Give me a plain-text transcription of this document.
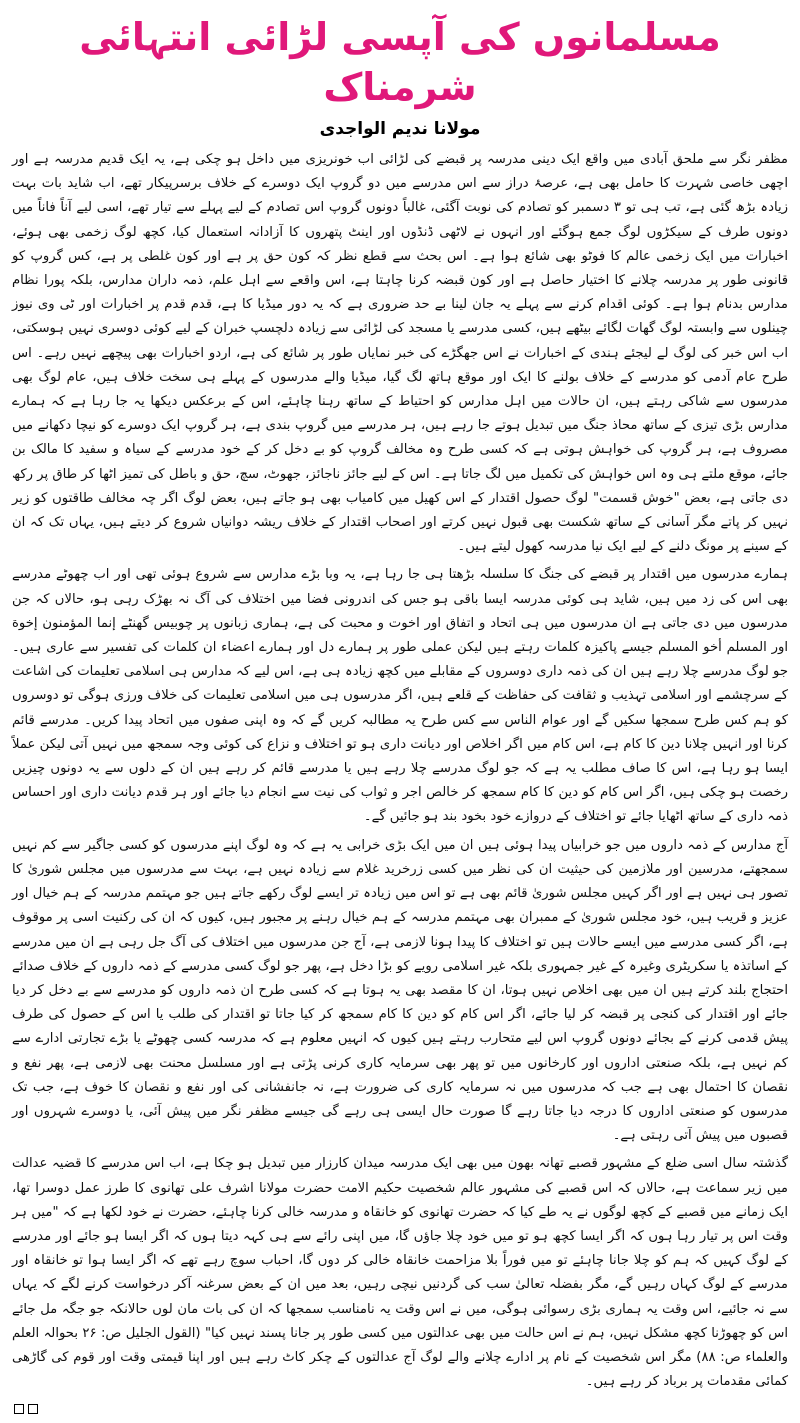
مسلمانوں کی آپسی لڑائی انتہائی شرمناک
مولانا ندیم الواجدی

مظفر نگر سے ملحق آبادی میں واقع ایک دینی مدرسہ پر قبضے کی لڑائی اب خونریزی میں داخل ہو چکی ہے، یہ ایک قدیم مدرسہ ہے اور اچھی خاصی شہرت کا حامل بھی ہے، عرصۂ دراز سے اس مدرسے میں دو گروپ ایک دوسرے کے خلاف برسرپیکار تھے، اب شاید بات بہت زیادہ بڑھ گئی ہے، تب ہی تو ۳ دسمبر کو تصادم کی نوبت آگئی، غالباً دونوں گروپ اس تصادم کے لیے پہلے سے تیار تھے، اسی لیے آناً فاناً میں دونوں طرف کے سیکڑوں لوگ جمع ہوگئے اور انہوں نے لاٹھی ڈنڈوں اور اینٹ پتھروں کا آزادانہ استعمال کیا، کچھ لوگ زخمی بھی ہوئے، اخبارات میں ایک زخمی عالم کا فوٹو بھی شائع ہوا ہے۔ اس بحث سے قطع نظر کہ کون حق پر ہے اور کون غلطی پر ہے، کس گروپ کو قانونی طور پر مدرسہ چلانے کا اختیار حاصل ہے اور کون قبضہ کرنا چاہتا ہے، اس واقعے سے اہل علم، ذمہ داران مدارس، بلکہ پورا نظام مدارس بدنام ہوا ہے۔ کوئی اقدام کرنے سے پہلے یہ جان لینا بے حد ضروری ہے کہ یہ دور میڈیا کا ہے، قدم قدم پر اخبارات اور ٹی وی نیوز چینلوں سے وابستہ لوگ گھات لگائے بیٹھے ہیں، کسی مدرسے یا مسجد کی لڑائی سے زیادہ دلچسپ خبران کے لیے کوئی دوسری نہیں ہوسکتی، اب اس خبر کی لوگ لے لیجئے ہندی کے اخبارات نے اس جھگڑے کی خبر نمایاں طور پر شائع کی ہے، اردو اخبارات بھی پیچھے نہیں رہے۔ اس طرح عام آدمی کو مدرسے کے خلاف بولنے کا ایک اور موقع ہاتھ لگ گیا، میڈیا والے مدرسوں کے پہلے ہی سخت خلاف ہیں، عام لوگ بھی مدرسوں سے شاکی رہتے ہیں، ان حالات میں اہل مدارس کو احتیاط کے ساتھ رہنا چاہئے، اس کے برعکس دیکھا یہ جا رہا ہے کہ ہمارے مدارس بڑی تیزی کے ساتھ محاذ جنگ میں تبدیل ہوتے جا رہے ہیں، ہر مدرسے میں گروپ بندی ہے، ہر گروپ ایک دوسرے کو نیچا دکھانے میں مصروف ہے، ہر گروپ کی خواہش ہوتی ہے کہ کسی طرح وہ مخالف گروپ کو بے دخل کر کے خود مدرسے کے سیاہ و سفید کا مالک بن جائے، موقع ملتے ہی وہ اس خواہش کی تکمیل میں لگ جاتا ہے۔ اس کے لیے جائز ناجائز، جھوٹ، سچ، حق و باطل کی تمیز اٹھا کر طاق پر رکھ دی جاتی ہے، بعض "خوش قسمت" لوگ حصول اقتدار کے اس کھیل میں کامیاب بھی ہو جاتے ہیں، بعض لوگ اگر چہ مخالف طاقتوں کو زیر نہیں کر پاتے مگر آسانی کے ساتھ شکست بھی قبول نہیں کرتے اور اصحاب اقتدار کے خلاف ریشہ دوانیاں شروع کر دیتے ہیں، یہاں تک کہ ان کے سینے پر مونگ دلنے کے لیے ایک نیا مدرسہ کھول لیتے ہیں۔

ہمارے مدرسوں میں اقتدار پر قبضے کی جنگ کا سلسلہ بڑھتا ہی جا رہا ہے، یہ وبا بڑے مدارس سے شروع ہوئی تھی اور اب چھوٹے مدرسے بھی اس کی زد میں ہیں، شاید ہی کوئی مدرسہ ایسا باقی ہو جس کی اندرونی فضا میں اختلاف کی آگ نہ بھڑک رہی ہو، حالاں کہ جن مدرسوں میں دی جاتی ہے ان مدرسوں میں ہی اتحاد و اتفاق اور اخوت و محبت کی ہے، ہماری زبانوں پر چوبیس گھنٹے إنما المؤمنون إخوة اور المسلم أخو المسلم جیسے پاکیزہ کلمات رہتے ہیں لیکن عملی طور پر ہمارے دل اور ہمارے اعضاء ان کلمات کی تفسیر سے عاری ہیں۔ جو لوگ مدرسے چلا رہے ہیں ان کی ذمہ داری دوسروں کے مقابلے میں کچھ زیادہ ہی ہے، اس لیے کہ مدارس ہی اسلامی تعلیمات کی اشاعت کے سرچشمے اور اسلامی تہذیب و ثقافت کی حفاظت کے قلعے ہیں، اگر مدرسوں ہی میں اسلامی تعلیمات کی خلاف ورزی ہوگی تو دوسروں کو ہم کس طرح سمجھا سکیں گے اور عوام الناس سے کس طرح یہ مطالبہ کریں گے کہ وہ اپنی صفوں میں اتحاد پیدا کریں۔ مدرسے قائم کرنا اور انہیں چلانا دین کا کام ہے، اس کام میں اگر اخلاص اور دیانت داری ہو تو اختلاف و نزاع کی کوئی وجہ سمجھ میں نہیں آتی لیکن عملاً ایسا ہو رہا ہے، اس کا صاف مطلب یہ ہے کہ جو لوگ مدرسے چلا رہے ہیں یا مدرسے قائم کر رہے ہیں ان کے دلوں سے یہ دونوں چیزیں رخصت ہو چکی ہیں، اگر اس کام کو دین کا کام سمجھ کر خالص اجر و ثواب کی نیت سے انجام دیا جائے اور ہر قدم دیانت داری اور احساس ذمہ داری کے ساتھ اٹھایا جائے تو اختلاف کے دروازے خود بخود بند ہو جائیں گے۔

آج مدارس کے ذمہ داروں میں جو خرابیاں پیدا ہوئی ہیں ان میں ایک بڑی خرابی یہ ہے کہ وہ لوگ اپنے مدرسوں کو کسی جاگیر سے کم نہیں سمجھتے، مدرسین اور ملازمین کی حیثیت ان کی نظر میں کسی زرخرید غلام سے زیادہ نہیں ہے، بہت سے مدرسوں میں مجلس شوریٰ کا تصور ہی نہیں ہے اور اگر کہیں مجلس شوریٰ قائم بھی ہے تو اس میں زیادہ تر ایسے لوگ رکھے جاتے ہیں جو مہتمم مدرسہ کے ہم خیال اور عزیز و قریب ہیں، خود مجلس شوریٰ کے ممبران بھی مہتمم مدرسہ کے ہم خیال رہنے پر مجبور ہیں، کیوں کہ ان کی رکنیت اسی پر موقوف ہے، اگر کسی مدرسے میں ایسے حالات ہیں تو اختلاف کا پیدا ہونا لازمی ہے، آج جن مدرسوں میں اختلاف کی آگ جل رہی ہے ان میں مدرسے کے اساتذہ یا سکریٹری وغیرہ کے غیر جمہوری بلکہ غیر اسلامی رویے کو بڑا دخل ہے، پھر جو لوگ کسی مدرسے کے ذمہ داروں کے خلاف صدائے احتجاج بلند کرتے ہیں ان میں بھی اخلاص نہیں ہوتا، ان کا مقصد بھی یہ ہوتا ہے کہ کسی طرح ان ذمہ داروں کو مدرسے سے بے دخل کر دیا جائے اور اقتدار کی کنجی پر قبضہ کر لیا جائے، اگر اس کام کو دین کا کام سمجھ کر کیا جاتا تو اقتدار کی طلب یا اس کے حصول کی طرف پیش قدمی کرنے کے بجائے دونوں گروپ اس لیے متحارب رہتے ہیں کیوں کہ انہیں معلوم ہے کہ مدرسہ کسی چھوٹے یا بڑے تجارتی ادارے سے کم نہیں ہے، بلکہ صنعتی اداروں اور کارخانوں میں تو پھر بھی سرمایہ کاری کرنی پڑتی ہے اور مسلسل محنت بھی لازمی ہے، پھر نفع و نقصان کا احتمال بھی ہے جب کہ مدرسوں میں نہ سرمایہ کاری کی ضرورت ہے، نہ جانفشانی کی اور نفع و نقصان کا خوف ہے، جب تک مدرسوں کو صنعتی اداروں کا درجہ دیا جاتا رہے گا صورت حال ایسی ہی رہے گی جیسے مظفر نگر میں پیش آئی، یا دوسرے شہروں اور قصبوں میں پیش آتی رہتی ہے۔

گذشتہ سال اسی ضلع کے مشہور قصبے تھانہ بھون میں بھی ایک مدرسہ میدان کارزار میں تبدیل ہو چکا ہے، اب اس مدرسے کا قضیہ عدالت میں زیر سماعت ہے، حالاں کہ اس قصبے کی مشہور عالم شخصیت حکیم الامت حضرت مولانا اشرف علی تھانوی کا طرز عمل دوسرا تھا، ایک زمانے میں قصبے کے کچھ لوگوں نے یہ طے کیا کہ حضرت تھانوی کو خانقاہ و مدرسہ خالی کرنا چاہئے، حضرت نے خود لکھا ہے کہ "میں ہر وقت اس پر تیار رہا ہوں کہ اگر ایسا کچھ ہو تو میں خود چلا جاؤں گا، میں اپنی رائے سے ہی کہہ دیتا ہوں کہ اگر ایسا ہو جائے اور مدرسے کے لوگ کہیں کہ ہم کو چلا جانا چاہئے تو میں فوراً بلا مزاحمت خانقاہ خالی کر دوں گا، احباب سوچ رہے تھے کہ اگر ایسا ہوا تو خانقاہ اور مدرسے کے لوگ کہاں رہیں گے، مگر بفضلہ تعالیٰ سب کی گردنیں نیچی رہیں، بعد میں ان کے بعض سرغنہ آکر درخواست کرنے لگے کہ یہاں سے نہ جائیے، اس وقت یہ ہماری بڑی رسوائی ہوگی، میں نے اس وقت یہ نامناسب سمجھا کہ ان کی بات مان لوں حالانکہ جو جگہ مل جائے اس کو چھوڑنا کچھ مشکل نہیں، ہم نے اس حالت میں بھی عدالتوں میں کسی طور پر جانا پسند نہیں کیا" (القول الجلیل ص: ۲۶ بحوالہ العلم والعلماء ص: ۸۸) مگر اس شخصیت کے نام پر ادارے چلانے والے لوگ آج عدالتوں کے چکر کاٹ رہے ہیں اور اپنا قیمتی وقت اور قوم کی گاڑھی کمائی مقدمات پر برباد کر رہے ہیں۔
